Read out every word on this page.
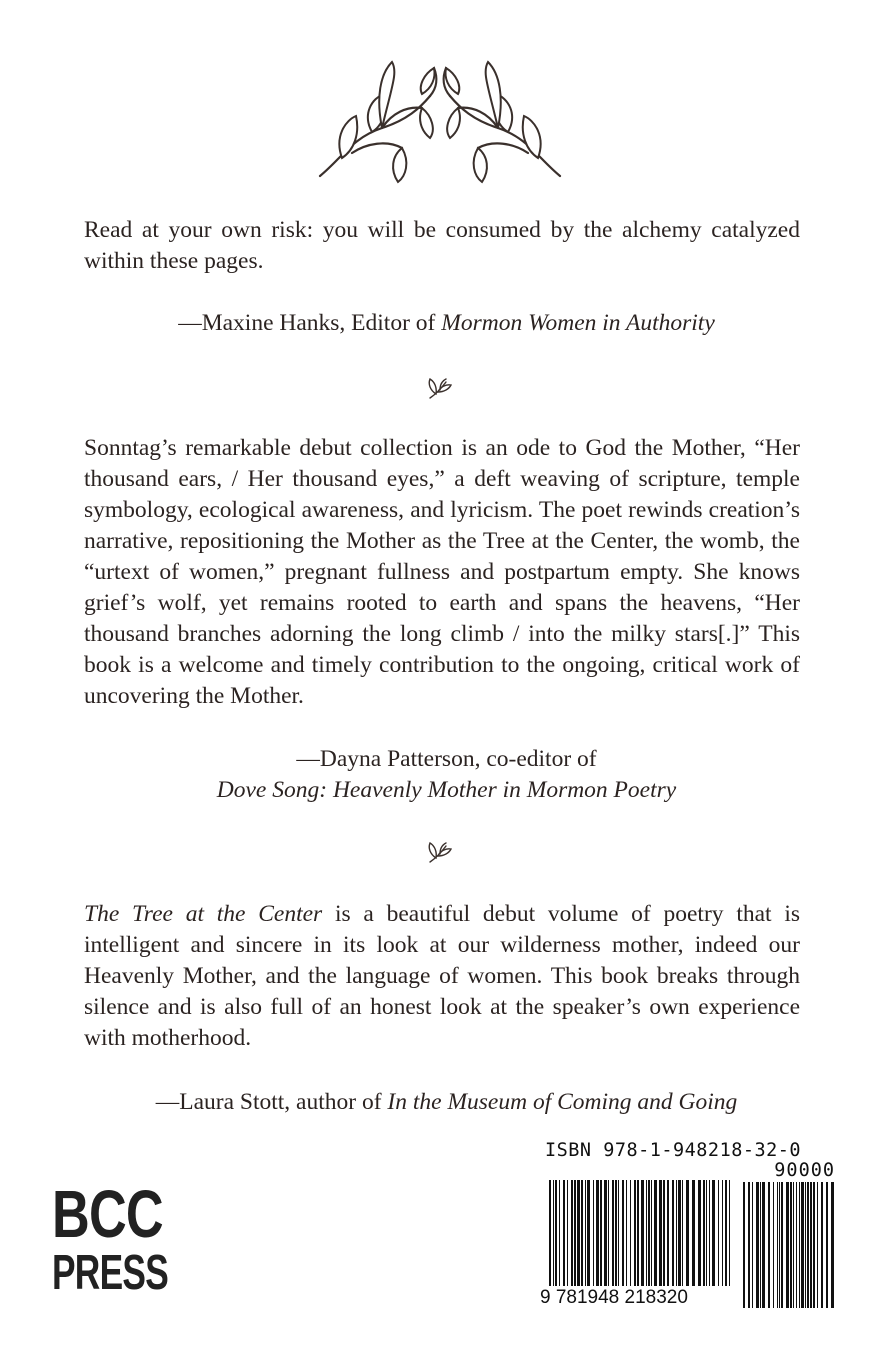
Read at your own risk: you will be consumed by the alchemy catalyzed within these pages.

—Maxine Hanks, Editor of Mormon Women in Authority

Sonntag’s remarkable debut collection is an ode to God the Mother, “Her thousand ears, / Her thousand eyes,” a deft weaving of scripture, temple symbology, ecological awareness, and lyricism. The poet rewinds creation’s narrative, repositioning the Mother as the Tree at the Center, the womb, the “urtext of women,” pregnant fullness and postpartum empty. She knows grief’s wolf, yet remains rooted to earth and spans the heavens, “Her thousand branches adorning the long climb / into the milky stars[.]” This book is a welcome and timely contribution to the ongoing, critical work of uncovering the Mother.

—Dayna Patterson, co-editor of
Dove Song: Heavenly Mother in Mormon Poetry

The Tree at the Center is a beautiful debut volume of poetry that is intelligent and sincere in its look at our wilderness mother, indeed our Heavenly Mother, and the language of women. This book breaks through silence and is also full of an honest look at the speaker’s own experience with motherhood.

—Laura Stott, author of In the Museum of Coming and Going

BCC
PRESS
ISBN 978-1-948218-32-0
90000
9 781948 218320
